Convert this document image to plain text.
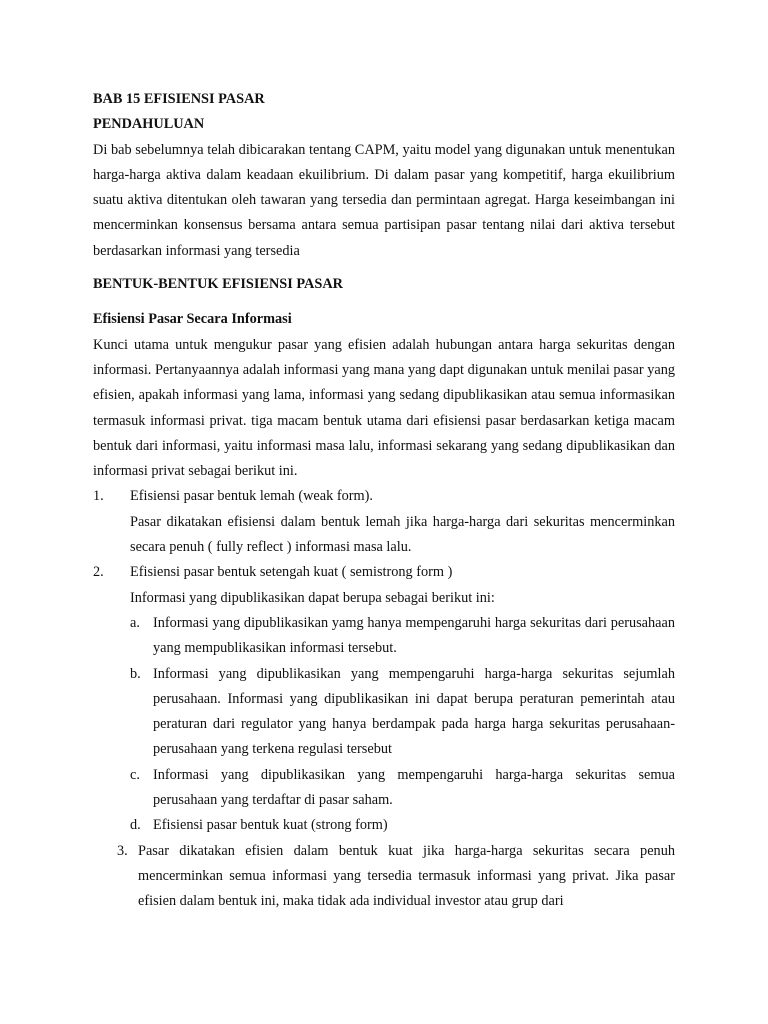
BAB 15 EFISIENSI PASAR

PENDAHULUAN

Di bab sebelumnya telah dibicarakan tentang CAPM, yaitu model yang digunakan untuk menentukan harga-harga aktiva dalam keadaan ekuilibrium. Di dalam pasar yang kompetitif, harga ekuilibrium suatu aktiva ditentukan oleh tawaran yang tersedia dan permintaan agregat. Harga keseimbangan ini mencerminkan konsensus bersama antara semua partisipan pasar tentang nilai dari aktiva tersebut berdasarkan informasi yang tersedia

BENTUK-BENTUK EFISIENSI PASAR

Efisiensi Pasar Secara Informasi

Kunci utama untuk mengukur pasar yang efisien adalah hubungan antara harga sekuritas dengan informasi. Pertanyaannya adalah informasi yang mana yang dapt digunakan untuk menilai pasar yang efisien, apakah informasi yang lama, informasi yang sedang dipublikasikan atau semua informasikan termasuk informasi privat. tiga macam bentuk utama dari efisiensi pasar berdasarkan ketiga macam bentuk dari informasi, yaitu informasi masa lalu, informasi sekarang yang sedang dipublikasikan dan informasi privat sebagai berikut ini.

1. Efisiensi pasar bentuk lemah (weak form).

Pasar dikatakan efisiensi dalam bentuk lemah jika harga-harga dari sekuritas mencerminkan secara penuh ( fully reflect ) informasi masa lalu.

2. Efisiensi pasar bentuk setengah kuat ( semistrong form )

Informasi yang dipublikasikan dapat berupa sebagai berikut ini:

a. Informasi yang dipublikasikan yamg hanya mempengaruhi harga sekuritas dari perusahaan yang mempublikasikan informasi tersebut.

b. Informasi yang dipublikasikan yang mempengaruhi harga-harga sekuritas sejumlah perusahaan. Informasi yang dipublikasikan ini dapat berupa peraturan pemerintah atau peraturan dari regulator yang hanya berdampak pada harga harga sekuritas perusahaan-perusahaan yang terkena regulasi tersebut

c. Informasi yang dipublikasikan yang mempengaruhi harga-harga sekuritas semua perusahaan yang terdaftar di pasar saham.

d. Efisiensi pasar bentuk kuat (strong form)

3. Pasar dikatakan efisien dalam bentuk kuat jika harga-harga sekuritas secara penuh mencerminkan semua informasi yang tersedia termasuk informasi yang privat. Jika pasar efisien dalam bentuk ini, maka tidak ada individual investor atau grup dari
